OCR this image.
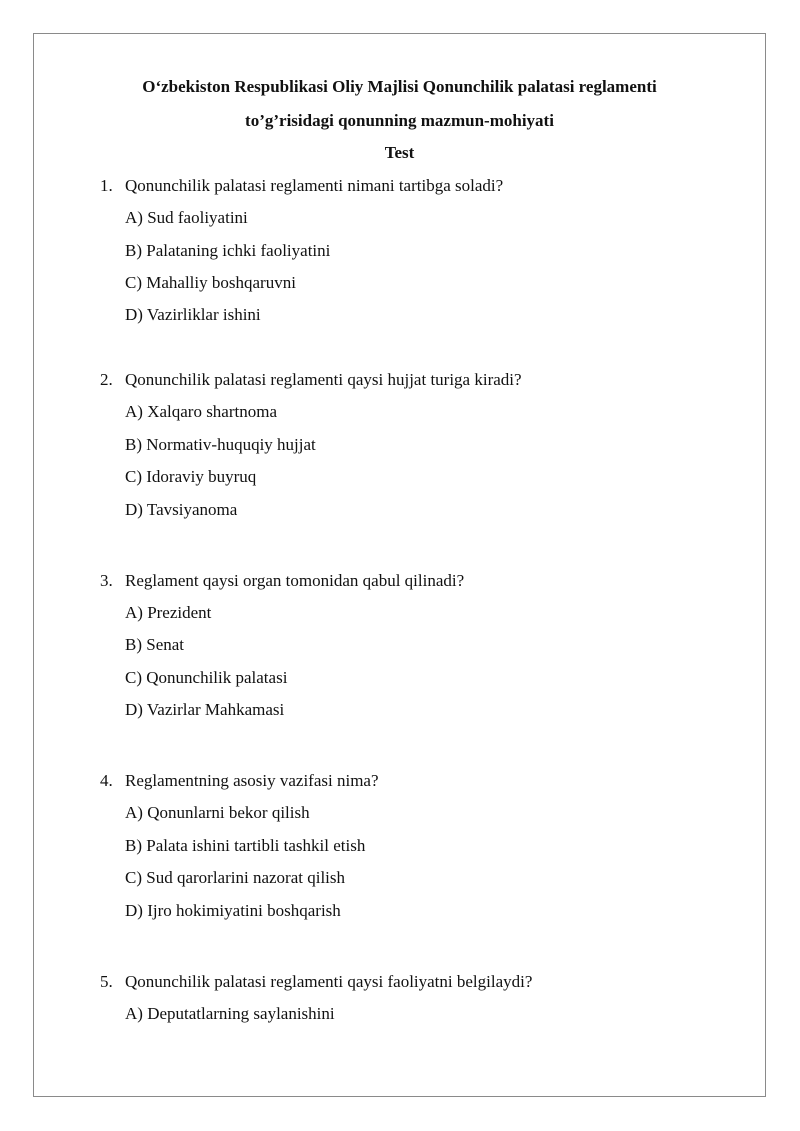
O‘zbekiston Respublikasi Oliy Majlisi Qonunchilik palatasi reglamenti
to’g’risidagi qonunning mazmun-mohiyati
Test
1. Qonunchilik palatasi reglamenti nimani tartibga soladi?
A) Sud faoliyatini
B) Palataning ichki faoliyatini
C) Mahalliy boshqaruvni
D) Vazirliklar ishini
2. Qonunchilik palatasi reglamenti qaysi hujjat turiga kiradi?
A) Xalqaro shartnoma
B) Normativ-huquqiy hujjat
C) Idoraviy buyruq
D) Tavsiyanoma
3. Reglament qaysi organ tomonidan qabul qilinadi?
A) Prezident
B) Senat
C) Qonunchilik palatasi
D) Vazirlar Mahkamasi
4. Reglamentning asosiy vazifasi nima?
A) Qonunlarni bekor qilish
B) Palata ishini tartibli tashkil etish
C) Sud qarorlarini nazorat qilish
D) Ijro hokimiyatini boshqarish
5. Qonunchilik palatasi reglamenti qaysi faoliyatni belgilaydi?
A) Deputatlarning saylanishini
